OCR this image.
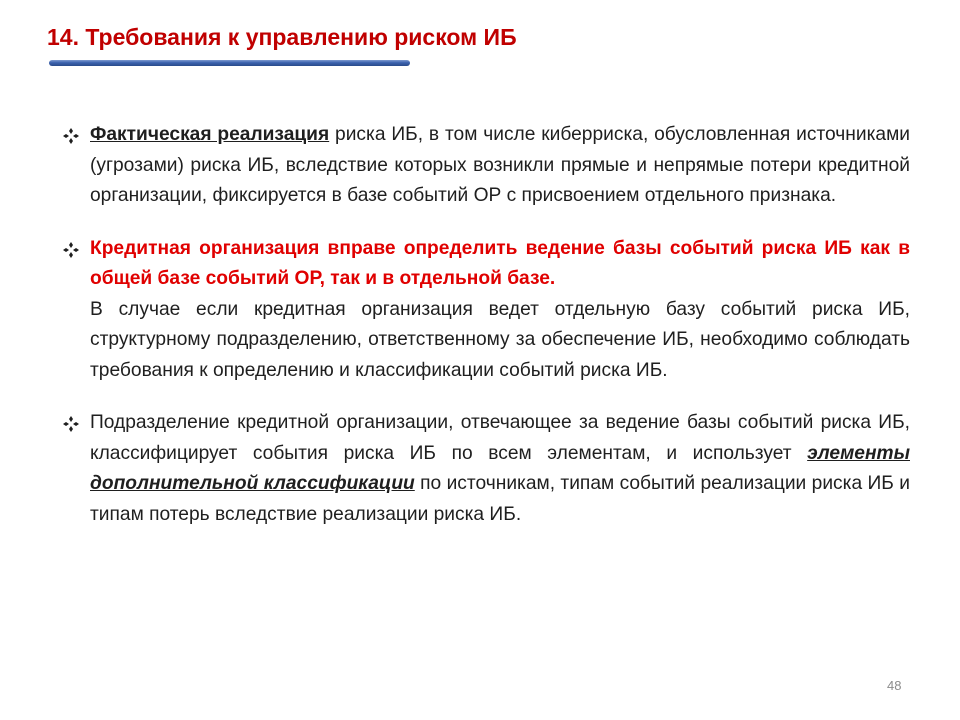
14. Требования к управлению риском ИБ
Фактическая реализация риска ИБ, в том числе киберриска, обусловленная источниками (угрозами) риска ИБ, вследствие которых возникли прямые и непрямые потери кредитной организации, фиксируется в базе событий ОР с присвоением отдельного признака.
Кредитная организация вправе определить ведение базы событий риска ИБ как в общей базе событий ОР, так и в отдельной базе.
В случае если кредитная организация ведет отдельную базу событий риска ИБ, структурному подразделению, ответственному за обеспечение ИБ, необходимо соблюдать требования к определению и классификации событий риска ИБ.
Подразделение кредитной организации, отвечающее за ведение базы событий риска ИБ, классифицирует события риска ИБ по всем элементам, и использует элементы дополнительной классификации по источникам, типам событий реализации риска ИБ и типам потерь вследствие реализации риска ИБ.
48
